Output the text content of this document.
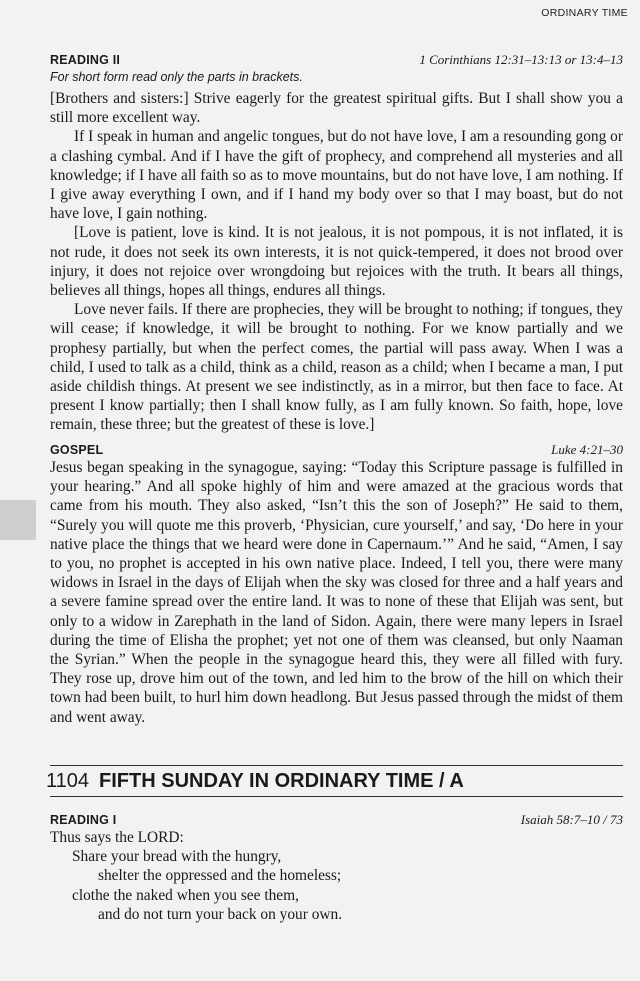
ORDINARY TIME
READING II	1 Corinthians 12:31–13:13 or 13:4–13
For short form read only the parts in brackets.

[Brothers and sisters:] Strive eagerly for the greatest spiritual gifts. But I shall show you a still more excellent way.

If I speak in human and angelic tongues, but do not have love, I am a resounding gong or a clashing cymbal. And if I have the gift of prophecy, and comprehend all mysteries and all knowledge; if I have all faith so as to move mountains, but do not have love, I am nothing. If I give away everything I own, and if I hand my body over so that I may boast, but do not have love, I gain nothing.

[Love is patient, love is kind. It is not jealous, it is not pompous, it is not inflated, it is not rude, it does not seek its own interests, it is not quick-tempered, it does not brood over injury, it does not rejoice over wrongdoing but rejoices with the truth. It bears all things, believes all things, hopes all things, endures all things.

Love never fails. If there are prophecies, they will be brought to nothing; if tongues, they will cease; if knowledge, it will be brought to nothing. For we know partially and we prophesy partially, but when the perfect comes, the partial will pass away. When I was a child, I used to talk as a child, think as a child, reason as a child; when I became a man, I put aside childish things. At present we see indistinctly, as in a mirror, but then face to face. At present I know partially; then I shall know fully, as I am fully known. So faith, hope, love remain, these three; but the greatest of these is love.]

GOSPEL	Luke 4:21–30

Jesus began speaking in the synagogue, saying: “Today this Scripture passage is fulfilled in your hearing.” And all spoke highly of him and were amazed at the gracious words that came from his mouth. They also asked, “Isn’t this the son of Joseph?” He said to them, “Surely you will quote me this proverb, ‘Physician, cure yourself,’ and say, ‘Do here in your native place the things that we heard were done in Capernaum.’” And he said, “Amen, I say to you, no prophet is accepted in his own native place. Indeed, I tell you, there were many widows in Israel in the days of Elijah when the sky was closed for three and a half years and a severe famine spread over the entire land. It was to none of these that Elijah was sent, but only to a widow in Zarephath in the land of Sidon. Again, there were many lepers in Israel during the time of Elisha the prophet; yet not one of them was cleansed, but only Naaman the Syrian.” When the people in the synagogue heard this, they were all filled with fury. They rose up, drove him out of the town, and led him to the brow of the hill on which their town had been built, to hurl him down headlong. But Jesus passed through the midst of them and went away.

1104 FIFTH SUNDAY IN ORDINARY TIME / A
READING I	Isaiah 58:7–10 / 73
Thus says the LORD:
Share your bread with the hungry,
shelter the oppressed and the homeless;
clothe the naked when you see them,
and do not turn your back on your own.
